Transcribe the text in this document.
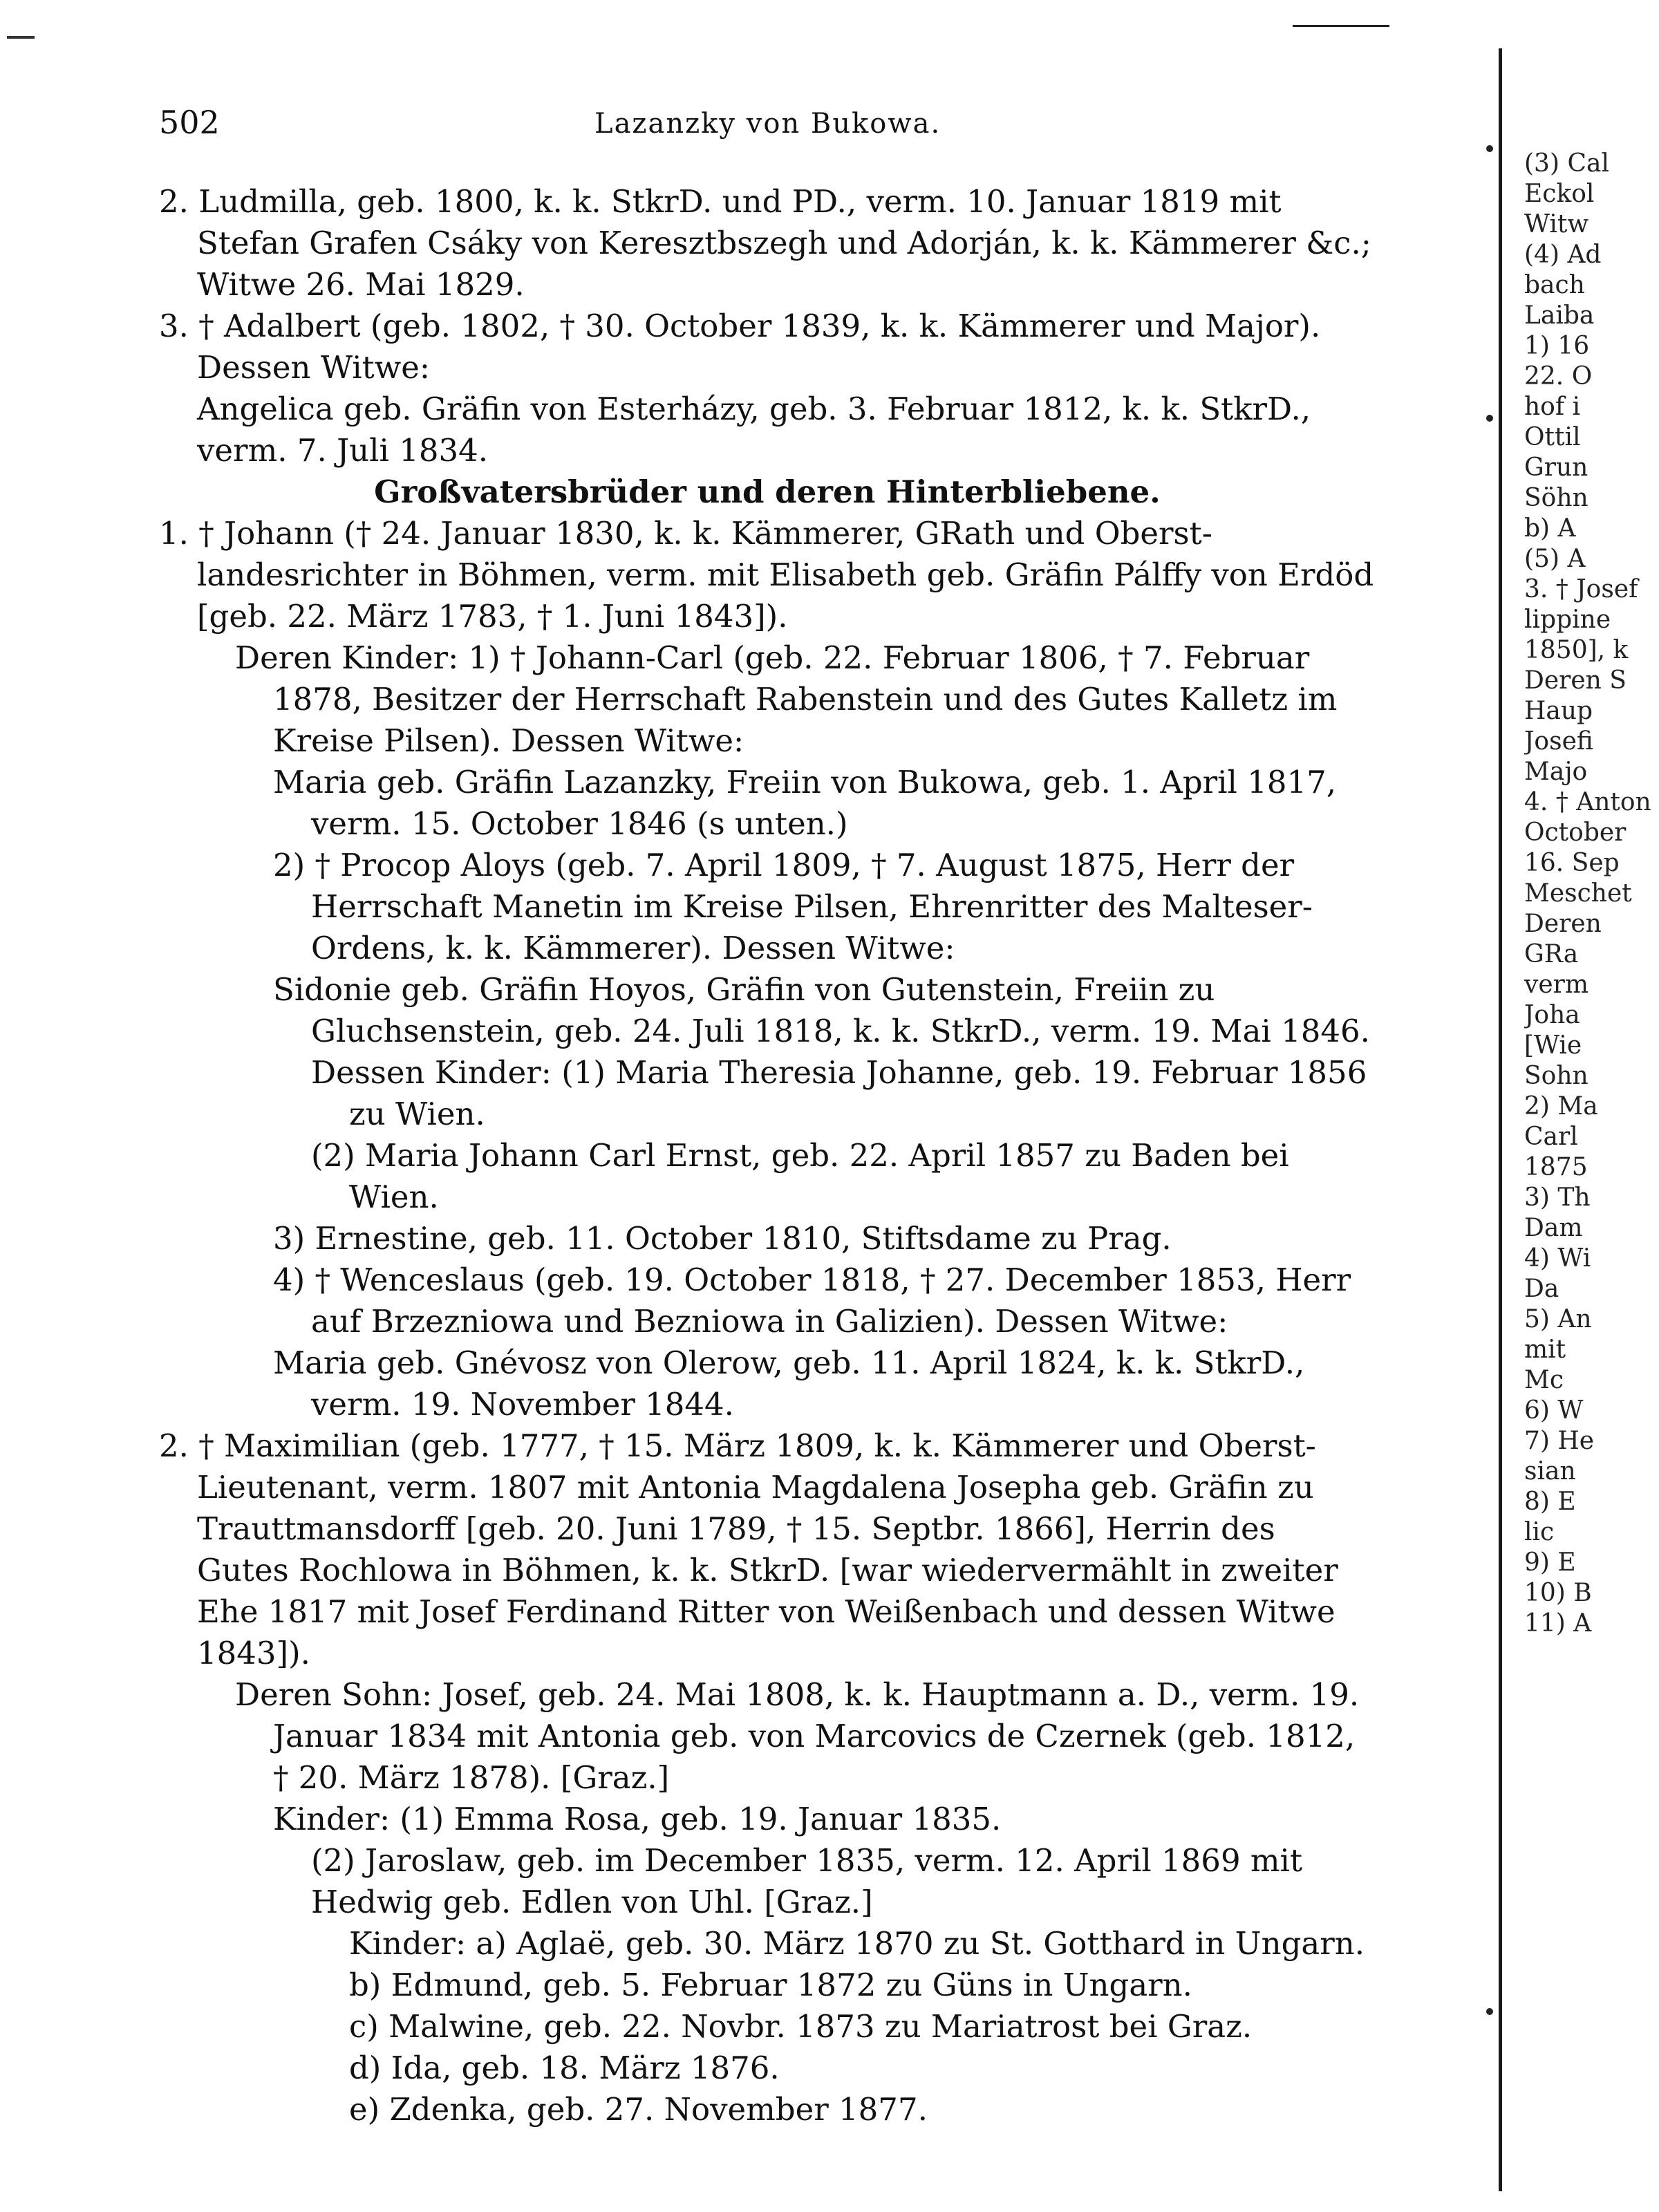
502	Lazanzky von Bukowa.

2. Ludmilla, geb. 1800, k. k. StkrD. und PD., verm. 10. Januar 1819 mit Stefan Grafen Csáky von Keresztbszegh und Adorján, k. k. Kämmerer &c.; Witwe 26. Mai 1829.

3. † Adalbert (geb. 1802, † 30. October 1839, k. k. Kämmerer und Major). Dessen Witwe:

Angelica geb. Gräfin von Esterházy, geb. 3. Februar 1812, k. k. StkrD., verm. 7. Juli 1834.

Großvatersbrüder und deren Hinterbliebene.

1. † Johann († 24. Januar 1830, k. k. Kämmerer, GRath und Oberst-landesrichter in Böhmen, verm. mit Elisabeth geb. Gräfin Pálffy von Erdöd [geb. 22. März 1783, † 1. Juni 1843]).

Deren Kinder: 1) † Johann-Carl (geb. 22. Februar 1806, † 7. Februar 1878, Besitzer der Herrschaft Rabenstein und des Gutes Kalletz im Kreise Pilsen). Dessen Witwe:

Maria geb. Gräfin Lazanzky, Freiin von Bukowa, geb. 1. April 1817, verm. 15. October 1846 (s unten.)

2) † Procop Aloys (geb. 7. April 1809, † 7. August 1875, Herr der Herrschaft Manetin im Kreise Pilsen, Ehrenritter des Malteser-Ordens, k. k. Kämmerer). Dessen Witwe:

Sidonie geb. Gräfin Hoyos, Gräfin von Gutenstein, Freiin zu Gluchsenstein, geb. 24. Juli 1818, k. k. StkrD., verm. 19. Mai 1846.

Dessen Kinder: (1) Maria Theresia Johanne, geb. 19. Februar 1856 zu Wien.

(2) Maria Johann Carl Ernst, geb. 22. April 1857 zu Baden bei Wien.

3) Ernestine, geb. 11. October 1810, Stiftsdame zu Prag.

4) † Wenceslaus (geb. 19. October 1818, † 27. December 1853, Herr auf Brzezniowa und Bezniowa in Galizien). Dessen Witwe:

Maria geb. Gnévosz von Olerow, geb. 11. April 1824, k. k. StkrD., verm. 19. November 1844.

2. † Maximilian (geb. 1777, † 15. März 1809, k. k. Kämmerer und Oberst-Lieutenant, verm. 1807 mit Antonia Magdalena Josepha geb. Gräfin zu Trauttmansdorff [geb. 20. Juni 1789, † 15. Septbr. 1866], Herrin des Gutes Rochlowa in Böhmen, k. k. StkrD. [war wiedervermählt in zweiter Ehe 1817 mit Josef Ferdinand Ritter von Weißenbach und dessen Witwe 1843]).

Deren Sohn: Josef, geb. 24. Mai 1808, k. k. Hauptmann a. D., verm. 19. Januar 1834 mit Antonia geb. von Marcovics de Czernek (geb. 1812, † 20. März 1878). [Graz.]

Kinder: (1) Emma Rosa, geb. 19. Januar 1835.

(2) Jaroslaw, geb. im December 1835, verm. 12. April 1869 mit

Hedwig geb. Edlen von Uhl. [Graz.]

Kinder: a) Aglaë, geb. 30. März 1870 zu St. Gotthard in Ungarn.

b) Edmund, geb. 5. Februar 1872 zu Güns in Ungarn.

c) Malwine, geb. 22. Novbr. 1873 zu Mariatrost bei Graz.

d) Ida, geb. 18. März 1876.

e) Zdenka, geb. 27. November 1877.

(3) Cal
Eckol
Witw
(4) Ad
bach
Laiba
1) 16
22. O
hof i
Ottil
Grun
Söhn
b) A
(5) A
3. † Josef
lippine
1850], k
Deren S
Haup
Josefi
Majo
4. † Anton
October
16. Sep
Meschet
Deren
GRa
verm
Joha
[Wie
Sohn
2) Ma
Carl
1875
3) Th
Dam
4) Wi
Da
5) An
mit
Mc
6) W
7) He
sian
8) E
lic
9) E
10) B
11) A
